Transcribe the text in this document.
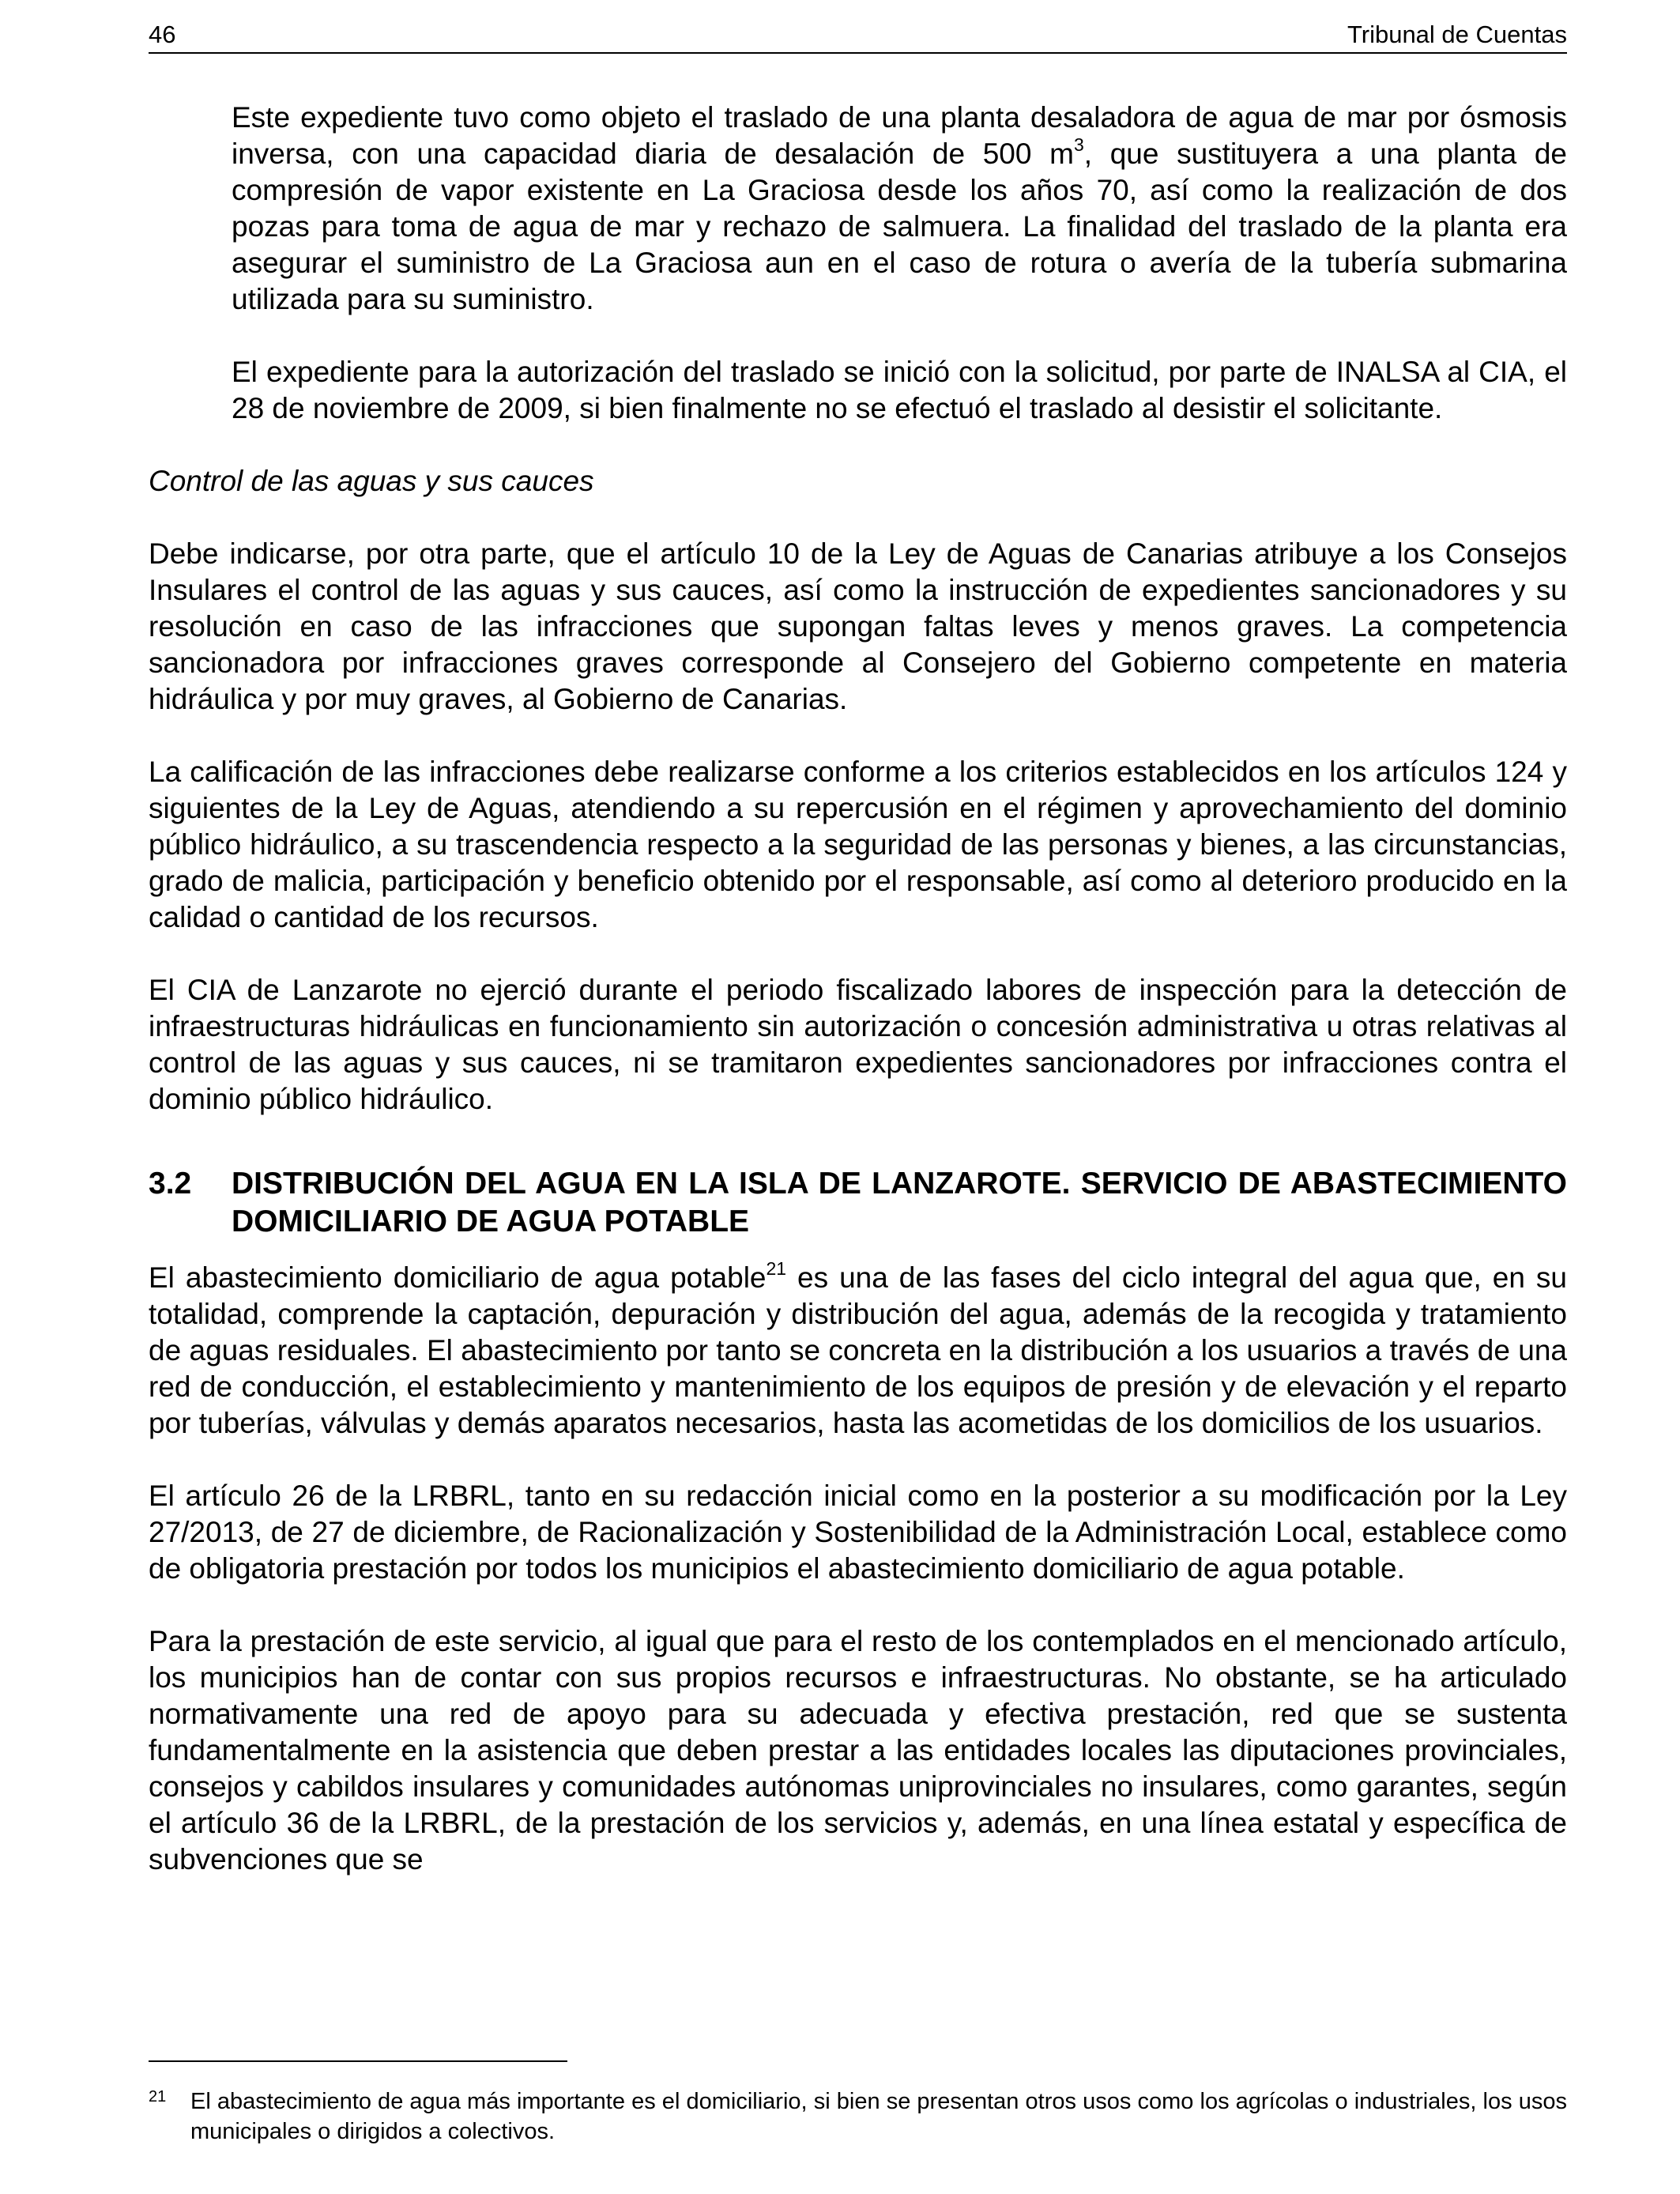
46	Tribunal de Cuentas

Este expediente tuvo como objeto el traslado de una planta desaladora de agua de mar por ósmosis inversa, con una capacidad diaria de desalación de 500 $m^3$, que sustituyera a una planta de compresión de vapor existente en La Graciosa desde los años 70, así como la realización de dos pozas para toma de agua de mar y rechazo de salmuera. La finalidad del traslado de la planta era asegurar el suministro de La Graciosa aun en el caso de rotura o avería de la tubería submarina utilizada para su suministro.

El expediente para la autorización del traslado se inició con la solicitud, por parte de INALSA al CIA, el 28 de noviembre de 2009, si bien finalmente no se efectuó el traslado al desistir el solicitante.

Control de las aguas y sus cauces

Debe indicarse, por otra parte, que el artículo 10 de la Ley de Aguas de Canarias atribuye a los Consejos Insulares el control de las aguas y sus cauces, así como la instrucción de expedientes sancionadores y su resolución en caso de las infracciones que supongan faltas leves y menos graves. La competencia sancionadora por infracciones graves corresponde al Consejero del Gobierno competente en materia hidráulica y por muy graves, al Gobierno de Canarias.

La calificación de las infracciones debe realizarse conforme a los criterios establecidos en los artículos 124 y siguientes de la Ley de Aguas, atendiendo a su repercusión en el régimen y aprovechamiento del dominio público hidráulico, a su trascendencia respecto a la seguridad de las personas y bienes, a las circunstancias, grado de malicia, participación y beneficio obtenido por el responsable, así como al deterioro producido en la calidad o cantidad de los recursos.

El CIA de Lanzarote no ejerció durante el periodo fiscalizado labores de inspección para la detección de infraestructuras hidráulicas en funcionamiento sin autorización o concesión administrativa u otras relativas al control de las aguas y sus cauces, ni se tramitaron expedientes sancionadores por infracciones contra el dominio público hidráulico.

3.2	DISTRIBUCIÓN DEL AGUA EN LA ISLA DE LANZAROTE. SERVICIO DE ABASTECIMIENTO DOMICILIARIO DE AGUA POTABLE

El abastecimiento domiciliario de agua potable$^{21}$ es una de las fases del ciclo integral del agua que, en su totalidad, comprende la captación, depuración y distribución del agua, además de la recogida y tratamiento de aguas residuales. El abastecimiento por tanto se concreta en la distribución a los usuarios a través de una red de conducción, el establecimiento y mantenimiento de los equipos de presión y de elevación y el reparto por tuberías, válvulas y demás aparatos necesarios, hasta las acometidas de los domicilios de los usuarios.

El artículo 26 de la LRBRL, tanto en su redacción inicial como en la posterior a su modificación por la Ley 27/2013, de 27 de diciembre, de Racionalización y Sostenibilidad de la Administración Local, establece como de obligatoria prestación por todos los municipios el abastecimiento domiciliario de agua potable.

Para la prestación de este servicio, al igual que para el resto de los contemplados en el mencionado artículo, los municipios han de contar con sus propios recursos e infraestructuras. No obstante, se ha articulado normativamente una red de apoyo para su adecuada y efectiva prestación, red que se sustenta fundamentalmente en la asistencia que deben prestar a las entidades locales las diputaciones provinciales, consejos y cabildos insulares y comunidades autónomas uniprovinciales no insulares, como garantes, según el artículo 36 de la LRBRL, de la prestación de los servicios y, además, en una línea estatal y específica de subvenciones que se

21	El abastecimiento de agua más importante es el domiciliario, si bien se presentan otros usos como los agrícolas o industriales, los usos municipales o dirigidos a colectivos.
